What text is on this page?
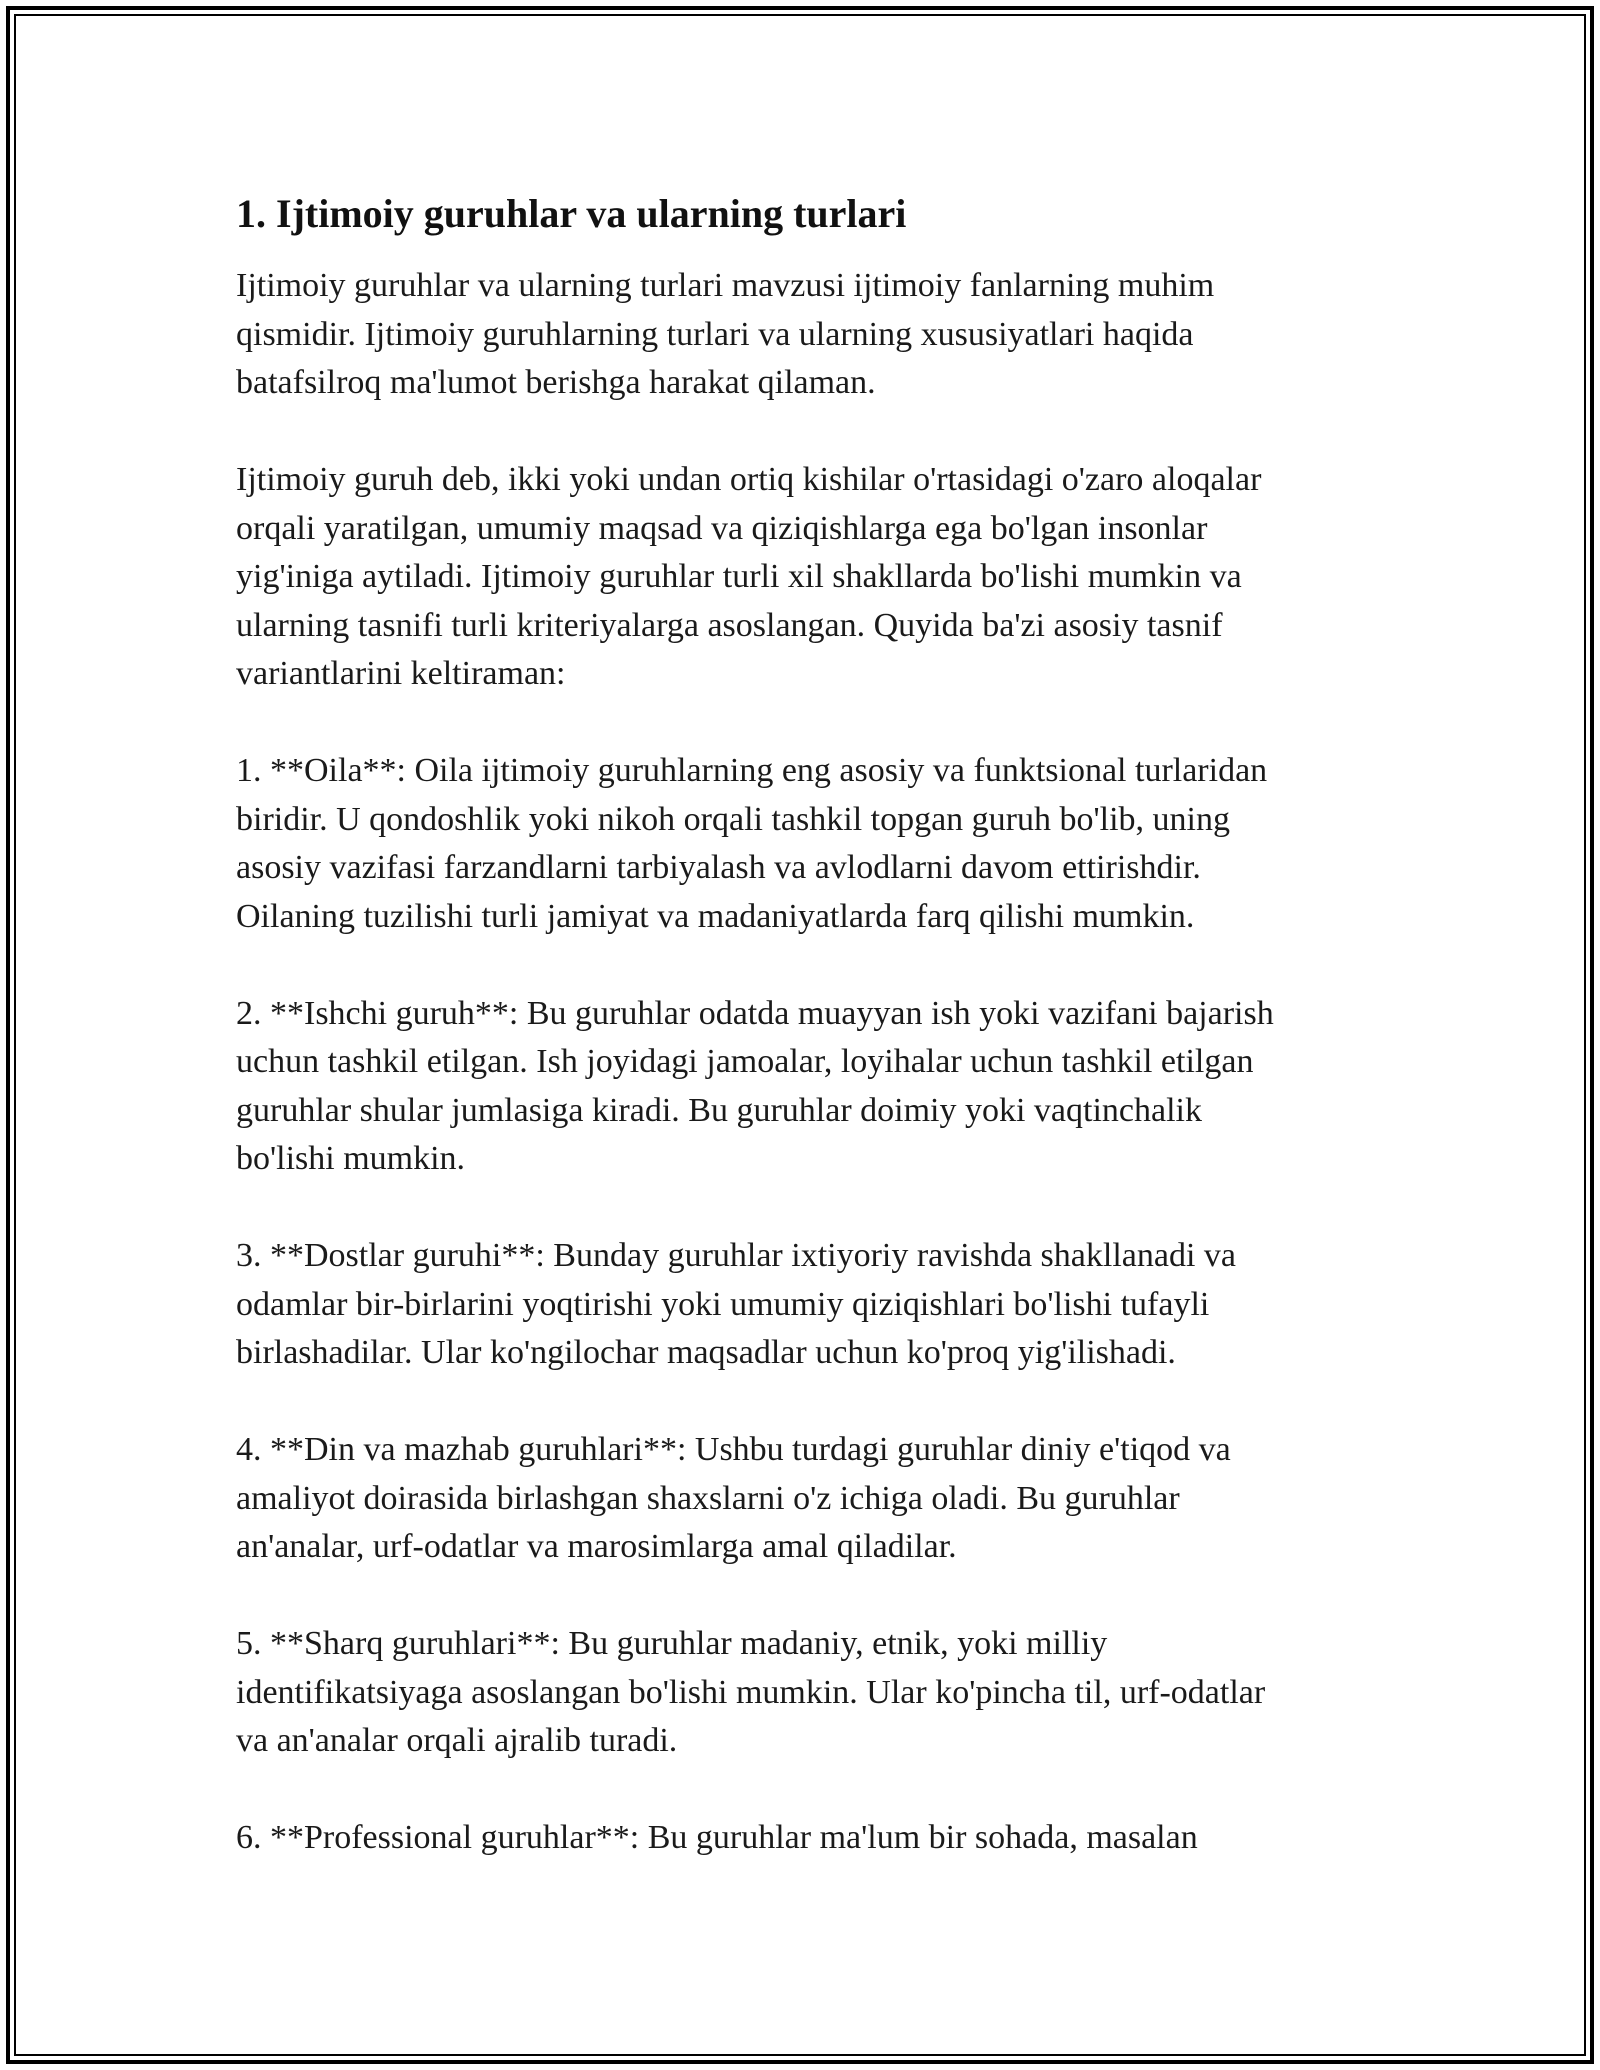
1. Ijtimoiy guruhlar va ularning turlari

Ijtimoiy guruhlar va ularning turlari mavzusi ijtimoiy fanlarning muhim
qismidir. Ijtimoiy guruhlarning turlari va ularning xususiyatlari haqida
batafsilroq ma'lumot berishga harakat qilaman.

Ijtimoiy guruh deb, ikki yoki undan ortiq kishilar o'rtasidagi o'zaro aloqalar
orqali yaratilgan, umumiy maqsad va qiziqishlarga ega bo'lgan insonlar
yig'iniga aytiladi. Ijtimoiy guruhlar turli xil shakllarda bo'lishi mumkin va
ularning tasnifi turli kriteriyalarga asoslangan. Quyida ba'zi asosiy tasnif
variantlarini keltiraman:

1. **Oila**: Oila ijtimoiy guruhlarning eng asosiy va funktsional turlaridan
biridir. U qondoshlik yoki nikoh orqali tashkil topgan guruh bo'lib, uning
asosiy vazifasi farzandlarni tarbiyalash va avlodlarni davom ettirishdir.
Oilaning tuzilishi turli jamiyat va madaniyatlarda farq qilishi mumkin.

2. **Ishchi guruh**: Bu guruhlar odatda muayyan ish yoki vazifani bajarish
uchun tashkil etilgan. Ish joyidagi jamoalar, loyihalar uchun tashkil etilgan
guruhlar shular jumlasiga kiradi. Bu guruhlar doimiy yoki vaqtinchalik
bo'lishi mumkin.

3. **Dostlar guruhi**: Bunday guruhlar ixtiyoriy ravishda shakllanadi va
odamlar bir-birlarini yoqtirishi yoki umumiy qiziqishlari bo'lishi tufayli
birlashadilar. Ular ko'ngilochar maqsadlar uchun ko'proq yig'ilishadi.

4. **Din va mazhab guruhlari**: Ushbu turdagi guruhlar diniy e'tiqod va
amaliyot doirasida birlashgan shaxslarni o'z ichiga oladi. Bu guruhlar
an'analar, urf-odatlar va marosimlarga amal qiladilar.

5. **Sharq guruhlari**: Bu guruhlar madaniy, etnik, yoki milliy
identifikatsiyaga asoslangan bo'lishi mumkin. Ular ko'pincha til, urf-odatlar
va an'analar orqali ajralib turadi.

6. **Professional guruhlar**: Bu guruhlar ma'lum bir sohada, masalan
